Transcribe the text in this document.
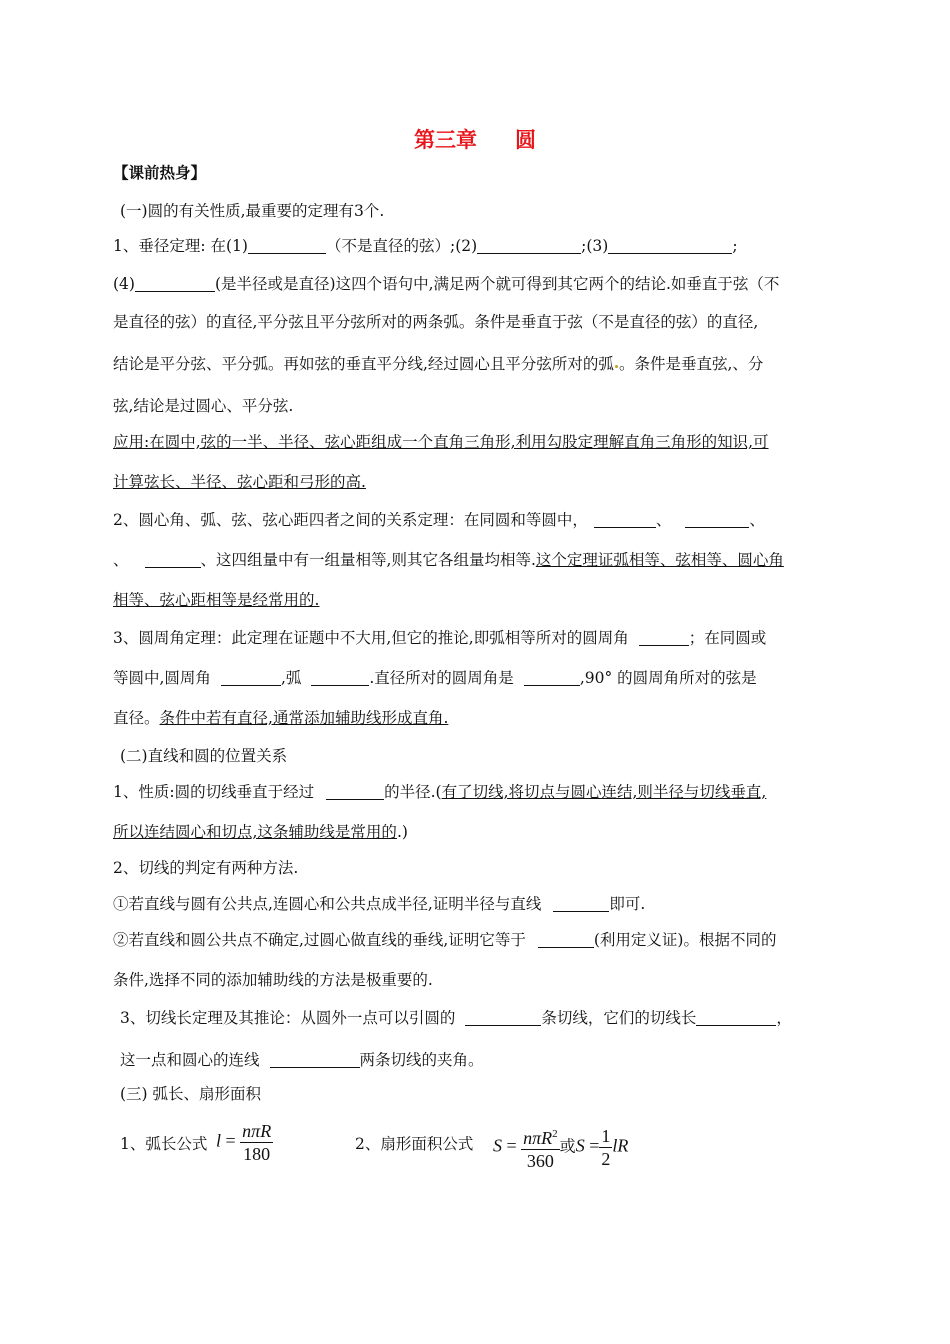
第三章 圆
【课前热身】
(一)圆的有关性质,最重要的定理有3个.
1、垂径定理: 在(1)	（不是直径的弦）;(2)	;(3)	;
(4)	(是半径或是直径)这四个语句中,满足两个就可得到其它两个的结论.如垂直于弦（不
是直径的弦）的直径,平分弦且平分弦所对的两条弧。条件是垂直于弦（不是直径的弦）的直径,
结论是平分弦、平分弧。再如弦的垂直平分线,经过圆心且平分弦所对的弧 。条件是垂直弦,、分
弦,结论是过圆心、平分弦.
应用:在圆中,弦的一半、半径、弦心距组成一个直角三角形,利用勾股定理解直角三角形的知识,可
计算弦长、半径、弦心距和弓形的高.
2、圆心角、弧、弦、弦心距四者之间的关系定理：在同圆和等圆中，	、	、
、	、这四组量中有一组量相等,则其它各组量均相等.这个定理证弧相等、弦相等、圆心角
相等、弦心距相等是经常用的.
3、圆周角定理：此定理在证题中不大用,但它的推论,即弧相等所对的圆周角	；在同圆或
等圆中,圆周角	,弧	.直径所对的圆周角是	,90° 的圆周角所对的弦是
直径。条件中若有直径,通常添加辅助线形成直角.
(二)直线和圆的位置关系
1、性质:圆的切线垂直于经过	的半径.(有了切线,将切点与圆心连结,则半径与切线垂直,
所以连结圆心和切点,这条辅助线是常用的.)
2、切线的判定有两种方法.
①若直线与圆有公共点,连圆心和公共点成半径,证明半径与直线	即可.
②若直线和圆公共点不确定,过圆心做直线的垂线,证明它等于	(利用定义证)。根据不同的
条件,选择不同的添加辅助线的方法是极重要的.
3、切线长定理及其推论：从圆外一点可以引圆的	条切线，它们的切线长	，
这一点和圆心的连线	两条切线的夹角。
(三) 弧长、扇形面积
1、弧长公式 $l = \frac{\text{nπR}}{180}$	2、扇形面积公式	$S = \frac{n\pi R^2}{360}$ 或$S = \frac{1}{2}$ lR
